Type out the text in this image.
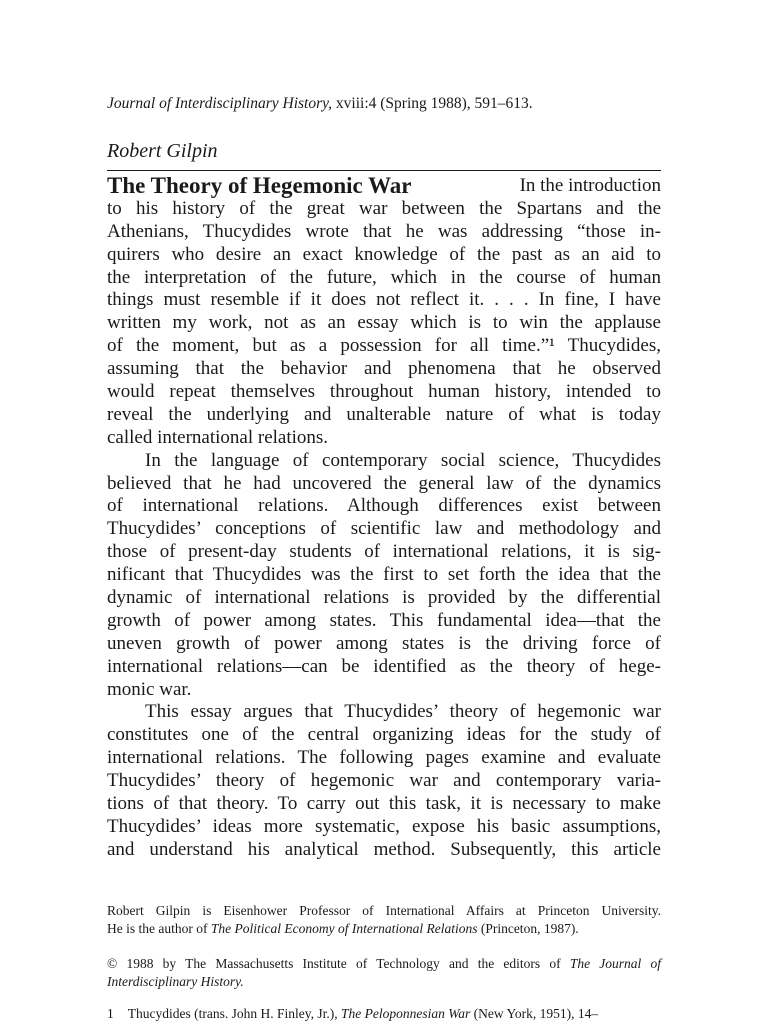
Journal of Interdisciplinary History, xviii:4 (Spring 1988), 591–613.
Robert Gilpin
The Theory of Hegemonic War	In the introduction
to his history of the great war between the Spartans and the
Athenians, Thucydides wrote that he was addressing “those in-
quirers who desire an exact knowledge of the past as an aid to
the interpretation of the future, which in the course of human
things must resemble if it does not reflect it. . . . In fine, I have
written my work, not as an essay which is to win the applause
of the moment, but as a possession for all time.”¹ Thucydides,
assuming that the behavior and phenomena that he observed
would repeat themselves throughout human history, intended to
reveal the underlying and unalterable nature of what is today
called international relations.
In the language of contemporary social science, Thucydides
believed that he had uncovered the general law of the dynamics
of international relations. Although differences exist between
Thucydides’ conceptions of scientific law and methodology and
those of present-day students of international relations, it is sig-
nificant that Thucydides was the first to set forth the idea that the
dynamic of international relations is provided by the differential
growth of power among states. This fundamental idea—that the
uneven growth of power among states is the driving force of
international relations—can be identified as the theory of hege-
monic war.
This essay argues that Thucydides’ theory of hegemonic war
constitutes one of the central organizing ideas for the study of
international relations. The following pages examine and evaluate
Thucydides’ theory of hegemonic war and contemporary varia-
tions of that theory. To carry out this task, it is necessary to make
Thucydides’ ideas more systematic, expose his basic assumptions,
and understand his analytical method. Subsequently, this article
Robert Gilpin is Eisenhower Professor of International Affairs at Princeton University.
He is the author of The Political Economy of International Relations (Princeton, 1987).
© 1988 by The Massachusetts Institute of Technology and the editors of The Journal of
Interdisciplinary History.
1 Thucydides (trans. John H. Finley, Jr.), The Peloponnesian War (New York, 1951), 14–
